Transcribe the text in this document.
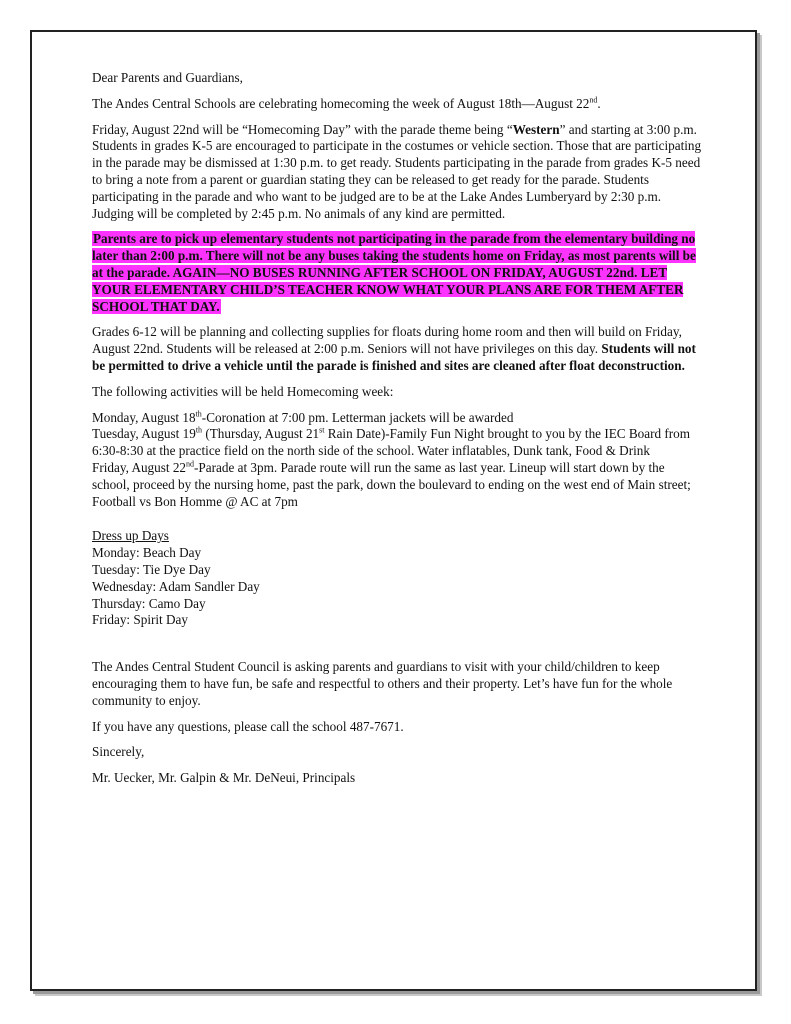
Dear Parents and Guardians,

The Andes Central Schools are celebrating homecoming the week of August 18th—August 22nd.

Friday, August 22nd will be “Homecoming Day” with the parade theme being “Western” and starting at 3:00 p.m. Students in grades K-5 are encouraged to participate in the costumes or vehicle section. Those that are participating in the parade may be dismissed at 1:30 p.m. to get ready. Students participating in the parade from grades K-5 need to bring a note from a parent or guardian stating they can be released to get ready for the parade. Students participating in the parade and who want to be judged are to be at the Lake Andes Lumberyard by 2:30 p.m. Judging will be completed by 2:45 p.m. No animals of any kind are permitted.

Parents are to pick up elementary students not participating in the parade from the elementary building no later than 2:00 p.m. There will not be any buses taking the students home on Friday, as most parents will be at the parade. AGAIN—NO BUSES RUNNING AFTER SCHOOL ON FRIDAY, AUGUST 22nd. LET YOUR ELEMENTARY CHILD’S TEACHER KNOW WHAT YOUR PLANS ARE FOR THEM AFTER SCHOOL THAT DAY.

Grades 6-12 will be planning and collecting supplies for floats during home room and then will build on Friday, August 22nd. Students will be released at 2:00 p.m. Seniors will not have privileges on this day. Students will not be permitted to drive a vehicle until the parade is finished and sites are cleaned after float deconstruction.

The following activities will be held Homecoming week:

Monday, August 18th-Coronation at 7:00 pm. Letterman jackets will be awarded
Tuesday, August 19th (Thursday, August 21st Rain Date)-Family Fun Night brought to you by the IEC Board from 6:30-8:30 at the practice field on the north side of the school. Water inflatables, Dunk tank, Food & Drink
Friday, August 22nd-Parade at 3pm. Parade route will run the same as last year. Lineup will start down by the school, proceed by the nursing home, past the park, down the boulevard to ending on the west end of Main street; Football vs Bon Homme @ AC at 7pm
Dress up Days
Monday: Beach Day
Tuesday: Tie Dye Day
Wednesday: Adam Sandler Day
Thursday: Camo Day
Friday: Spirit Day

The Andes Central Student Council is asking parents and guardians to visit with your child/children to keep encouraging them to have fun, be safe and respectful to others and their property. Let’s have fun for the whole community to enjoy.

If you have any questions, please call the school 487-7671.

Sincerely,

Mr. Uecker, Mr. Galpin & Mr. DeNeui, Principals
